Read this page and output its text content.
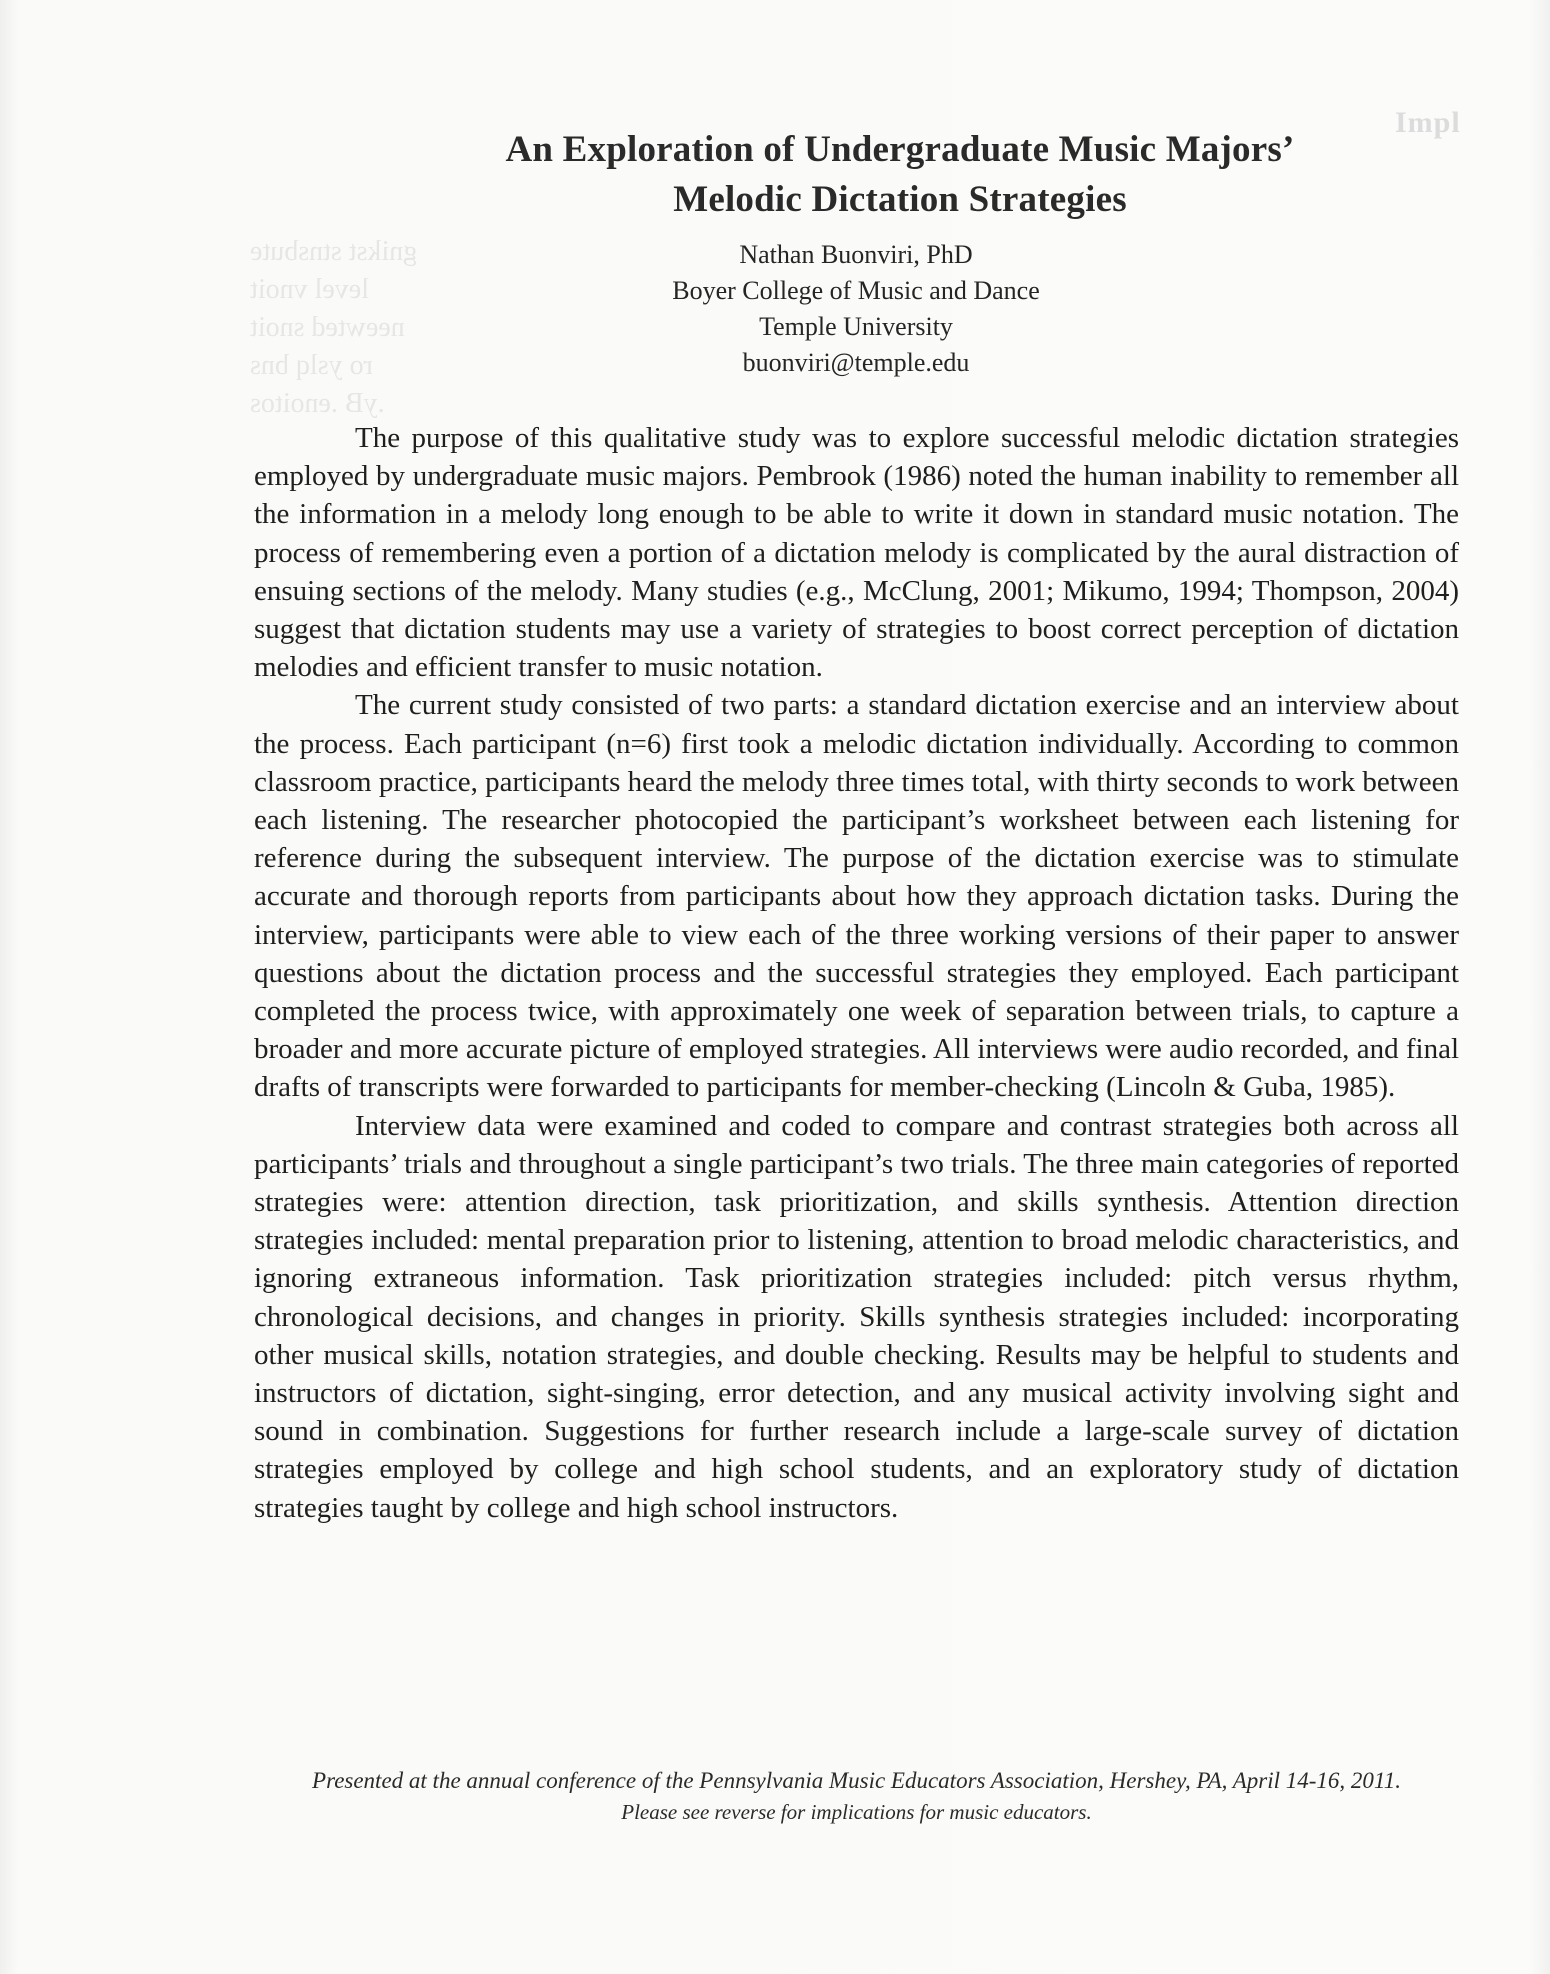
Impl
gnikst stnsbute
level vnoit
neewted snoit
ro yslq bns
.yB .enoitos
An Exploration of Undergraduate Music Majors’
Melodic Dictation Strategies
Nathan Buonviri, PhD
Boyer College of Music and Dance
Temple University
buonviri@temple.edu

The purpose of this qualitative study was to explore successful melodic dictation strategies employed by undergraduate music majors. Pembrook (1986) noted the human inability to remember all the information in a melody long enough to be able to write it down in standard music notation. The process of remembering even a portion of a dictation melody is complicated by the aural distraction of ensuing sections of the melody. Many studies (e.g., McClung, 2001; Mikumo, 1994; Thompson, 2004) suggest that dictation students may use a variety of strategies to boost correct perception of dictation melodies and efficient transfer to music notation.

The current study consisted of two parts: a standard dictation exercise and an interview about the process. Each participant (n=6) first took a melodic dictation individually. According to common classroom practice, participants heard the melody three times total, with thirty seconds to work between each listening. The researcher photocopied the participant’s worksheet between each listening for reference during the subsequent interview. The purpose of the dictation exercise was to stimulate accurate and thorough reports from participants about how they approach dictation tasks. During the interview, participants were able to view each of the three working versions of their paper to answer questions about the dictation process and the successful strategies they employed. Each participant completed the process twice, with approximately one week of separation between trials, to capture a broader and more accurate picture of employed strategies. All interviews were audio recorded, and final drafts of transcripts were forwarded to participants for member-checking (Lincoln & Guba, 1985).

Interview data were examined and coded to compare and contrast strategies both across all participants’ trials and throughout a single participant’s two trials. The three main categories of reported strategies were: attention direction, task prioritization, and skills synthesis. Attention direction strategies included: mental preparation prior to listening, attention to broad melodic characteristics, and ignoring extraneous information. Task prioritization strategies included: pitch versus rhythm, chronological decisions, and changes in priority. Skills synthesis strategies included: incorporating other musical skills, notation strategies, and double checking. Results may be helpful to students and instructors of dictation, sight-singing, error detection, and any musical activity involving sight and sound in combination. Suggestions for further research include a large-scale survey of dictation strategies employed by college and high school students, and an exploratory study of dictation strategies taught by college and high school instructors.

Presented at the annual conference of the Pennsylvania Music Educators Association, Hershey, PA, April 14-16, 2011.
Please see reverse for implications for music educators.
